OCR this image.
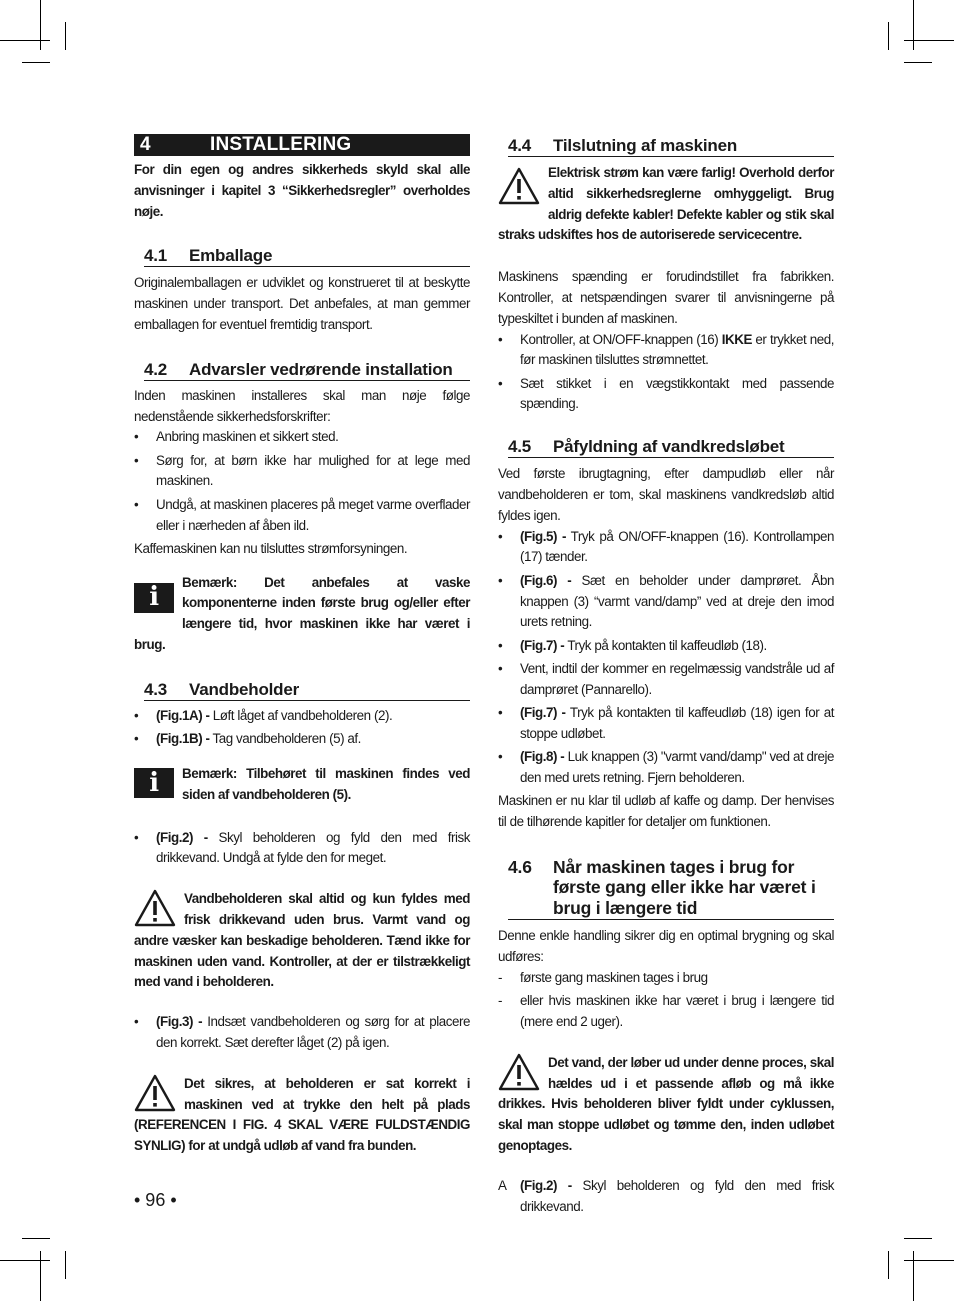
4	INSTALLERING

For din egen og andres sikkerheds skyld skal alle anvisninger i kapitel 3 “Sikkerhedsregler” overholdes nøje.

4.1	Emballage

Originalemballagen er udviklet og konstrueret til at beskytte maskinen under transport. Det anbefales, at man gemmer emballagen for eventuel fremtidig transport.

4.2	Advarsler vedrørende installation

Inden maskinen installeres skal man nøje følge nedenstående sikkerhedsforskrifter:

•	Anbring maskinen et sikkert sted.
•	Sørg for, at børn ikke har mulighed for at lege med maskinen.
•	Undgå, at maskinen placeres på meget varme overflader eller i nærheden af åben ild.

Kaffemaskinen kan nu tilsluttes strømforsyningen.

i
Bemærk: Det anbefales at vaske komponenterne inden første brug og/eller efter længere tid, hvor maskinen ikke har været i brug.
4.3	Vandbeholder
•	(Fig.1A) - Løft låget af vandbeholderen (2).
•	(Fig.1B) - Tag vandbeholderen (5) af.
i	Bemærk: Tilbehøret til maskinen findes ved siden af vandbeholderen (5).
•	(Fig.2) - Skyl beholderen og fyld den med frisk drikkevand. Undgå at fylde den for meget.
Vandbeholderen skal altid og kun fyldes med frisk drikkevand uden brus. Varmt vand og andre væsker kan beskadige beholderen. Tænd ikke for maskinen uden vand. Kontroller, at der er tilstrækkeligt med vand i beholderen.
•	(Fig.3) - Indsæt vandbeholderen og sørg for at placere den korrekt. Sæt derefter låget (2) på igen.
Det sikres, at beholderen er sat korrekt i maskinen ved at trykke den helt på plads (REFERENCEN I FIG. 4 SKAL VÆRE FULDSTÆNDIG SYNLIG) for at undgå udløb af vand fra bunden.
4.4	Tilslutning af maskinen
Elektrisk strøm kan være farlig! Overhold derfor altid sikkerhedsreglerne omhyggeligt. Brug aldrig defekte kabler! Defekte kabler og stik skal straks udskiftes hos de autoriserede servicecentre.

Maskinens spænding er forudindstillet fra fabrikken. Kontroller, at netspændingen svarer til anvisningerne på typeskiltet i bunden af maskinen.

•	Kontroller, at ON/OFF-knappen (16) IKKE er trykket ned, før maskinen tilsluttes strømnettet.
•	Sæt stikket i en vægstikkontakt med passende spænding.
4.5	Påfyldning af vandkredsløbet

Ved første ibrugtagning, efter dampudløb eller når vandbeholderen er tom, skal maskinens vandkredsløb altid fyldes igen.

•	(Fig.5) - Tryk på ON/OFF-knappen (16). Kontrollampen (17) tænder.
•	(Fig.6) - Sæt en beholder under damprøret. Åbn knappen (3) “varmt vand/damp” ved at dreje den imod urets retning.
•	(Fig.7) - Tryk på kontakten til kaffeudløb (18).
•	Vent, indtil der kommer en regelmæssig vandstråle ud af damprøret (Pannarello).
•	(Fig.7) - Tryk på kontakten til kaffeudløb (18) igen for at stoppe udløbet.
•	(Fig.8) - Luk knappen (3) "varmt vand/damp" ved at dreje den med urets retning. Fjern beholderen.

Maskinen er nu klar til udløb af kaffe og damp. Der henvises til de tilhørende kapitler for detaljer om funktionen.

4.6	Når maskinen tages i brug for første gang eller ikke har været i brug i længere tid

Denne enkle handling sikrer dig en optimal brygning og skal udføres:

-	første gang maskinen tages i brug
-	eller hvis maskinen ikke har været i brug i længere tid (mere end 2 uger).
Det vand, der løber ud under denne proces, skal hældes ud i et passende afløb og må ikke drikkes. Hvis beholderen bliver fyldt under cyklussen, skal man stoppe udløbet og tømme den, inden udløbet genoptages.
A (Fig.2) - Skyl beholderen og fyld den med frisk drikkevand.
• 96 •
